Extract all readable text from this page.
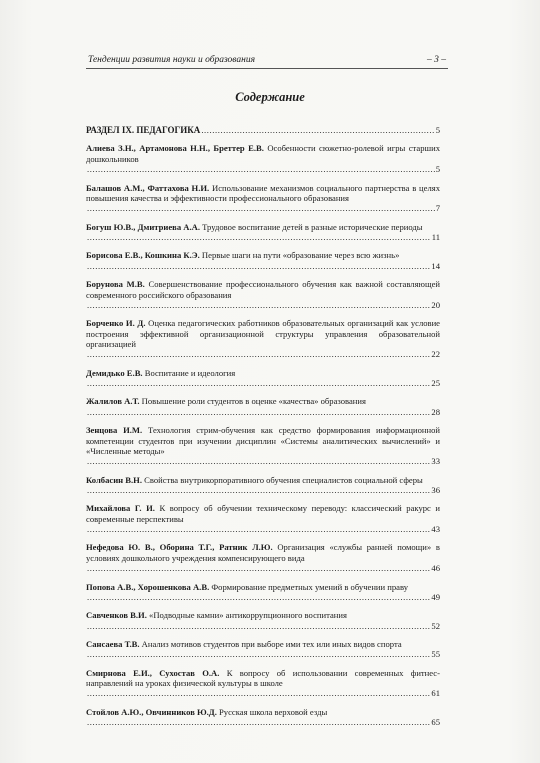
Тенденции развития науки и образования	– 3 –
Содержание
РАЗДЕЛ IX. ПЕДАГОГИКА
.....	5
Алиева З.Н., Артамонова Н.Н., Бреттер Е.В. Особенности сюжетно-ролевой игры старших дошкольников
.....
5
Балашов А.М., Фаттахова Н.И. Использование механизмов социального партнерства в целях повышения качества и эффективности профессионального образования
.....
7
Богуш Ю.В., Дмитриева А.А. Трудовое воспитание детей в разные исторические периоды
.....
11
Борисова Е.В., Кошкина К.Э. Первые шаги на пути «образование через всю жизнь»
.....
14
Борунова М.В. Совершенствование профессионального обучения как важной составляющей современного российского образования
.....
20
Борченко И. Д. Оценка педагогических работников образовательных организаций как условие построения эффективной организационной структуры управления образовательной организацией
.....
22
Демидько Е.В. Воспитание и идеология
.....
25
Жалилов А.Т. Повышение роли студентов в оценке «качества» образования
.....
28
Зенцова И.М. Технология стрим-обучения как средство формирования информационной компетенции студентов при изучении дисциплин «Системы аналитических вычислений» и «Численные методы»
.....
33
Колбасин В.Н. Свойства внутрикорпоративного обучения специалистов социальной сферы
.....
36
Михайлова Г. И. К вопросу об обучении техническому переводу: классический ракурс и современные перспективы
.....
43
Нефедова Ю. В., Оборина Т.Г., Ратник Л.Ю. Организация «службы ранней помощи» в условиях дошкольного учреждения компенсирующего вида
.....
46
Попова А.В., Хорошенкова А.В. Формирование предметных умений в обучении праву
.....
49
Савченков В.И. «Подводные камни» антикоррупционного воспитания
.....
52
Сансаева Т.В. Анализ мотивов студентов при выборе ими тех или иных видов спорта
.....
55
Смирнова Е.И., Сухостав О.А. К вопросу об использовании современных фитнес-направлений на уроках физической культуры в школе
.....
61
Стойлов А.Ю., Овчинников Ю.Д. Русская школа верховой езды
.....
65
